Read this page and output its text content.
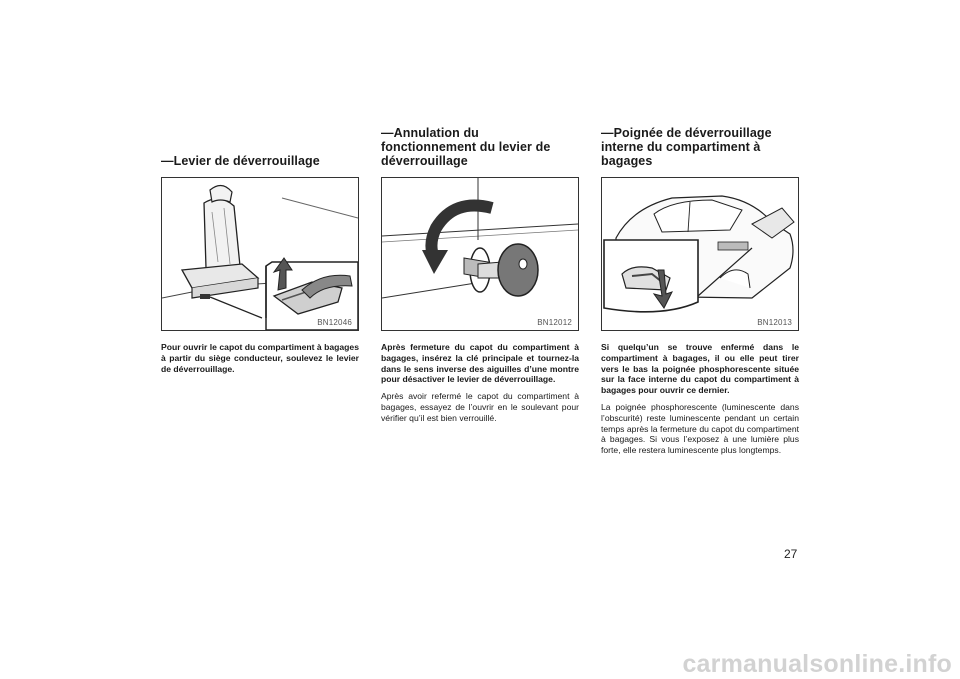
—Levier de déverrouillage
BN12046

Pour ouvrir le capot du compartiment à bagages à partir du siège conducteur, soulevez le levier de déverrouillage.

—Annulation du
fonctionnement du levier de
déverrouillage
BN12012

Après fermeture du capot du compartiment à bagages, insérez la clé principale et tournez-la dans le sens inverse des aiguilles d’une montre pour désactiver le levier de déverrouillage.

Après avoir refermé le capot du compartiment à bagages, essayez de l’ouvrir en le soulevant pour vérifier qu’il est bien verrouillé.

—Poignée de déverrouillage
interne du compartiment à
bagages
BN12013

Si quelqu’un se trouve enfermé dans le compartiment à bagages, il ou elle peut tirer vers le bas la poignée phosphorescente située sur la face interne du capot du compartiment à bagages pour ouvrir ce dernier.

La poignée phosphorescente (luminescente dans l’obscurité) reste luminescente pendant un certain temps après la fermeture du capot du compartiment à bagages. Si vous l’exposez à une lumière plus forte, elle restera luminescente plus longtemps.

27
carmanualsonline.info
